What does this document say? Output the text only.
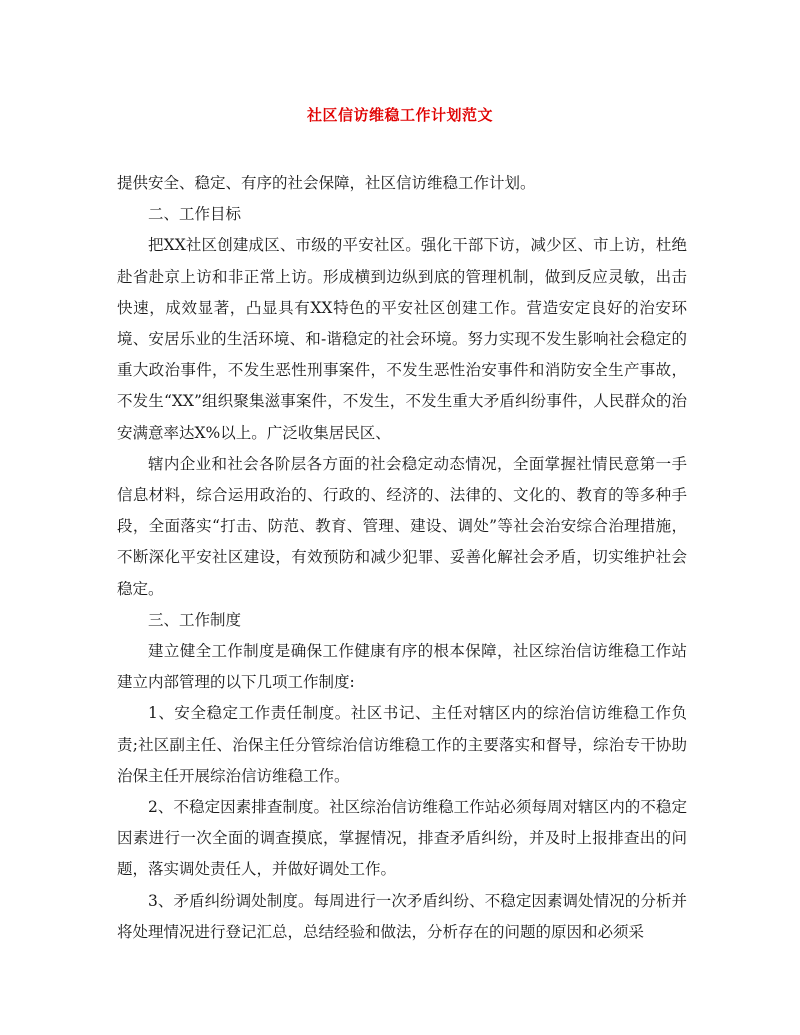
社区信访维稳工作计划范文

提供安全、稳定、有序的社会保障，社区信访维稳工作计划。

二、工作目标

把XX社区创建成区、市级的平安社区。强化干部下访，减少区、市上访，杜绝赴省赴京上访和非正常上访。形成横到边纵到底的管理机制，做到反应灵敏，出击快速，成效显著，凸显具有XX特色的平安社区创建工作。营造安定良好的治安环境、安居乐业的生活环境、和-谐稳定的社会环境。努力实现不发生影响社会稳定的重大政治事件，不发生恶性刑事案件，不发生恶性治安事件和消防安全生产事故，不发生“XX”组织聚集滋事案件，不发生，不发生重大矛盾纠纷事件，人民群众的治安满意率达X%以上。广泛收集居民区、

辖内企业和社会各阶层各方面的社会稳定动态情况，全面掌握社情民意第一手信息材料，综合运用政治的、行政的、经济的、法律的、文化的、教育的等多种手段，全面落实“打击、防范、教育、管理、建设、调处”等社会治安综合治理措施，不断深化平安社区建设，有效预防和减少犯罪、妥善化解社会矛盾，切实维护社会稳定。

三、工作制度

建立健全工作制度是确保工作健康有序的根本保障，社区综治信访维稳工作站建立内部管理的以下几项工作制度:

1、安全稳定工作责任制度。社区书记、主任对辖区内的综治信访维稳工作负责;社区副主任、治保主任分管综治信访维稳工作的主要落实和督导，综治专干协助治保主任开展综治信访维稳工作。

2、不稳定因素排查制度。社区综治信访维稳工作站必须每周对辖区内的不稳定因素进行一次全面的调查摸底，掌握情况，排查矛盾纠纷，并及时上报排查出的问题，落实调处责任人，并做好调处工作。

3、矛盾纠纷调处制度。每周进行一次矛盾纠纷、不稳定因素调处情况的分析并将处理情况进行登记汇总，总结经验和做法，分析存在的问题的原因和必须采
